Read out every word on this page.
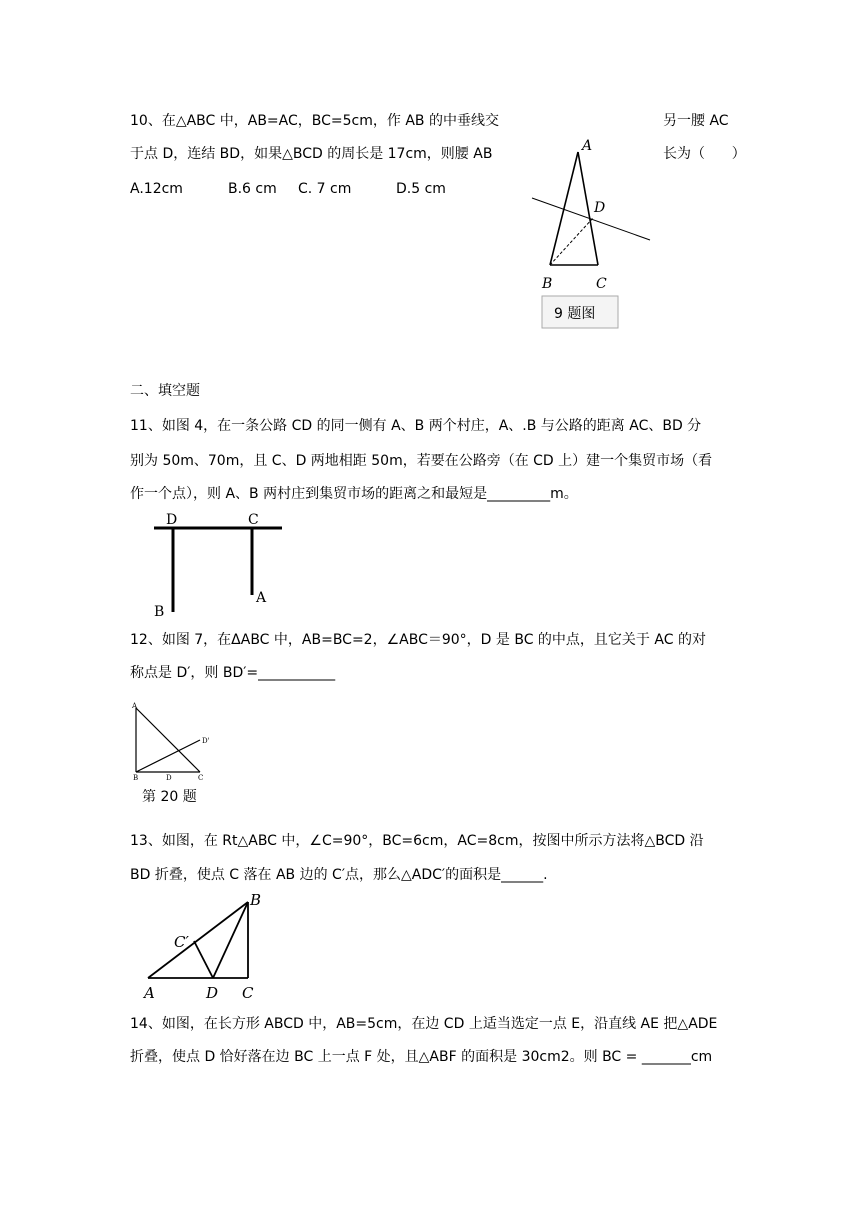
10、在△ABC 中，AB=AC，BC=5cm，作 AB 的中垂线交	另一腰 AC
于点 D，连结 BD，如果△BCD 的周长是 17cm，则腰 AB	长为（      ）
A.12cm	B.6 cm C. 7 cm	D.5 cm
A
D
B	C
9 题图
二、填空题
11、如图 4，在一条公路 CD 的同一侧有 A、B 两个村庄，A、.B 与公路的距离 AC、BD 分
别为 50m、70m，且 C、D 两地相距 50m，若要在公路旁（在 CD 上）建一个集贸市场（看
作一个点），则 A、B 两村庄到集贸市场的距离之和最短是_________m。
D	C
A
B
12、如图 7，在ΔABC 中，AB=BC=2，∠ABC＝90°，D 是 BC 的中点，且它关于 AC 的对
称点是 D′，则 BD′=___________
A
D'
B	D	C
第 20 题
13、如图，在 Rt△ABC 中，∠C=90°，BC=6cm，AC=8cm，按图中所示方法将△BCD 沿
BD 折叠，使点 C 落在 AB 边的 C′点，那么△ADC′的面积是______.
B
C′
A	D C
14、如图，在长方形 ABCD 中，AB=5cm，在边 CD 上适当选定一点 E，沿直线 AE 把△ADE
折叠，使点 D 恰好落在边 BC 上一点 F 处，且△ABF 的面积是 30cm2。则 BC = _______cm
